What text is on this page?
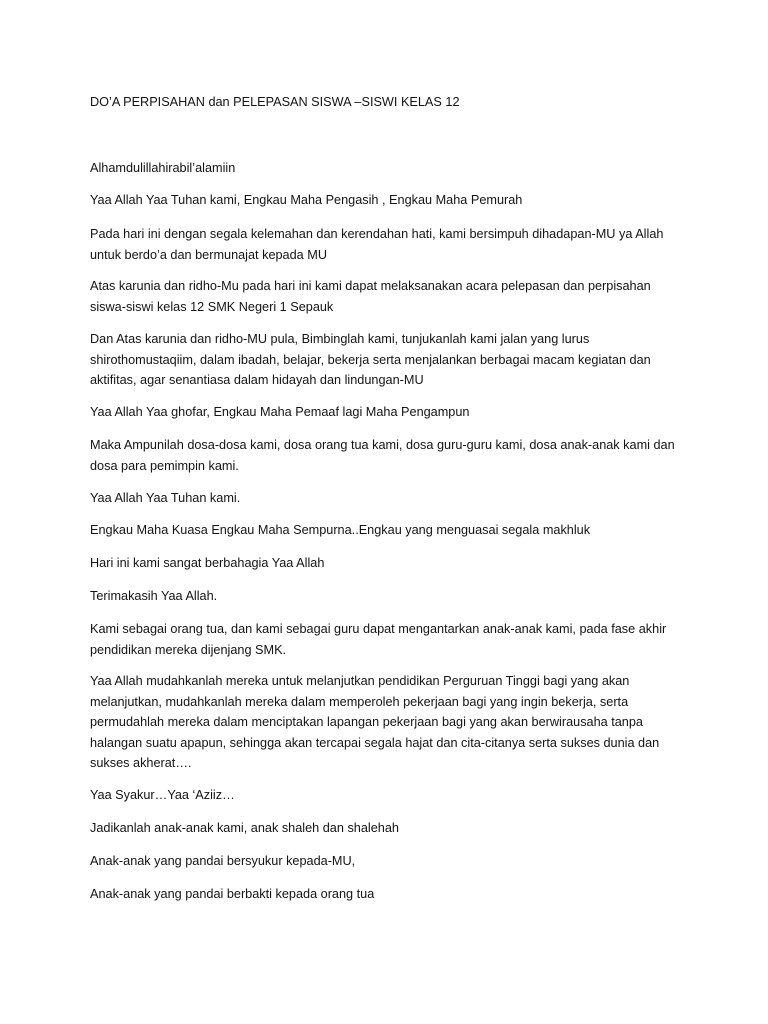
DO’A PERPISAHAN dan PELEPASAN SISWA –SISWI KELAS 12

Alhamdulillahirabil’alamiin

Yaa Allah Yaa Tuhan kami, Engkau Maha Pengasih , Engkau Maha Pemurah

Pada hari ini dengan segala kelemahan dan kerendahan hati, kami bersimpuh dihadapan-MU ya Allah untuk berdo’a dan bermunajat kepada MU

Atas karunia dan ridho-Mu pada hari ini kami dapat melaksanakan acara pelepasan dan perpisahan siswa-siswi kelas 12 SMK Negeri 1 Sepauk

Dan Atas karunia dan ridho-MU pula, Bimbinglah kami, tunjukanlah kami jalan yang lurus shirothomustaqiim, dalam ibadah, belajar, bekerja serta menjalankan berbagai macam kegiatan dan aktifitas, agar senantiasa dalam hidayah dan lindungan-MU

Yaa Allah Yaa ghofar, Engkau Maha Pemaaf lagi Maha Pengampun

Maka Ampunilah dosa-dosa kami, dosa orang tua kami, dosa guru-guru kami, dosa anak-anak kami dan dosa para pemimpin kami.

Yaa Allah Yaa Tuhan kami.

Engkau Maha Kuasa Engkau Maha Sempurna..Engkau yang menguasai segala makhluk

Hari ini kami sangat berbahagia Yaa Allah

Terimakasih Yaa Allah.

Kami sebagai orang tua, dan kami sebagai guru dapat mengantarkan anak-anak kami, pada fase akhir pendidikan mereka dijenjang SMK.

Yaa Allah mudahkanlah mereka untuk melanjutkan pendidikan Perguruan Tinggi bagi yang akan melanjutkan, mudahkanlah mereka dalam memperoleh pekerjaan bagi yang ingin bekerja, serta permudahlah mereka dalam menciptakan lapangan pekerjaan bagi yang akan berwirausaha tanpa halangan suatu apapun, sehingga akan tercapai segala hajat dan cita-citanya serta sukses dunia dan sukses akherat….

Yaa Syakur…Yaa ‘Aziiz…

Jadikanlah anak-anak kami, anak shaleh dan shalehah

Anak-anak yang pandai bersyukur kepada-MU,

Anak-anak yang pandai berbakti kepada orang tua
